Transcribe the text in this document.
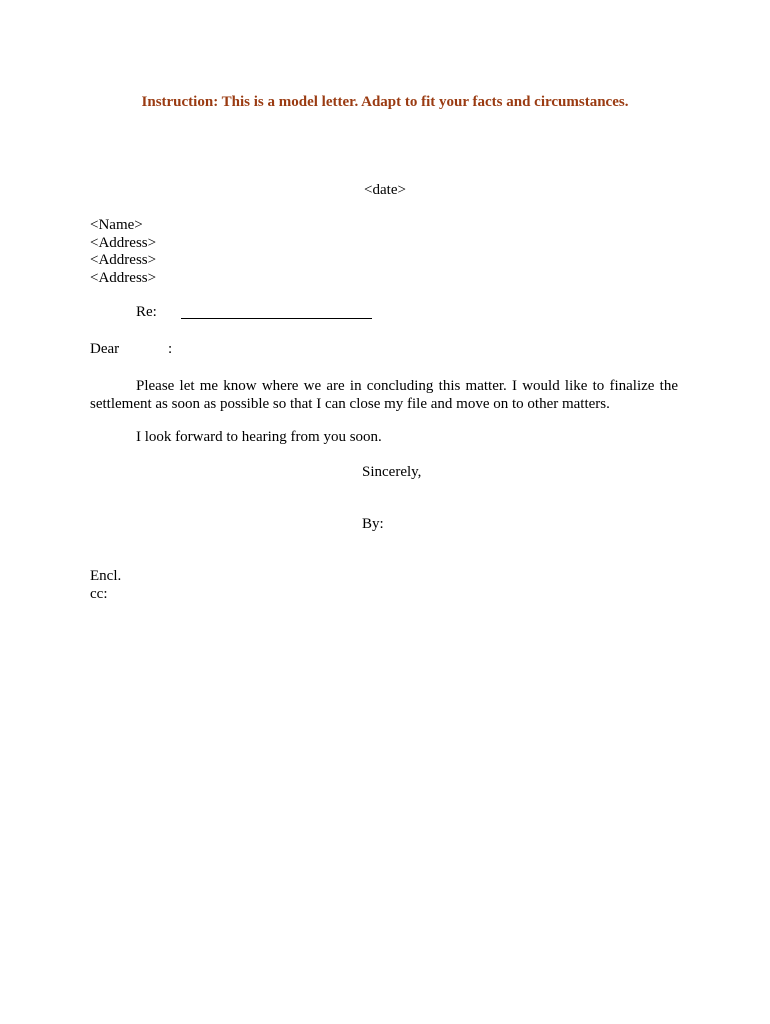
Instruction: This is a model letter. Adapt to fit your facts and circumstances.
<date>
<Name>
<Address>
<Address>
<Address>
Re:
Dear	:
Please let me know where we are in concluding this matter. I would like to finalize the settlement as soon as possible so that I can close my file and move on to other matters.
I look forward to hearing from you soon.
Sincerely,
By:
Encl.
cc:
